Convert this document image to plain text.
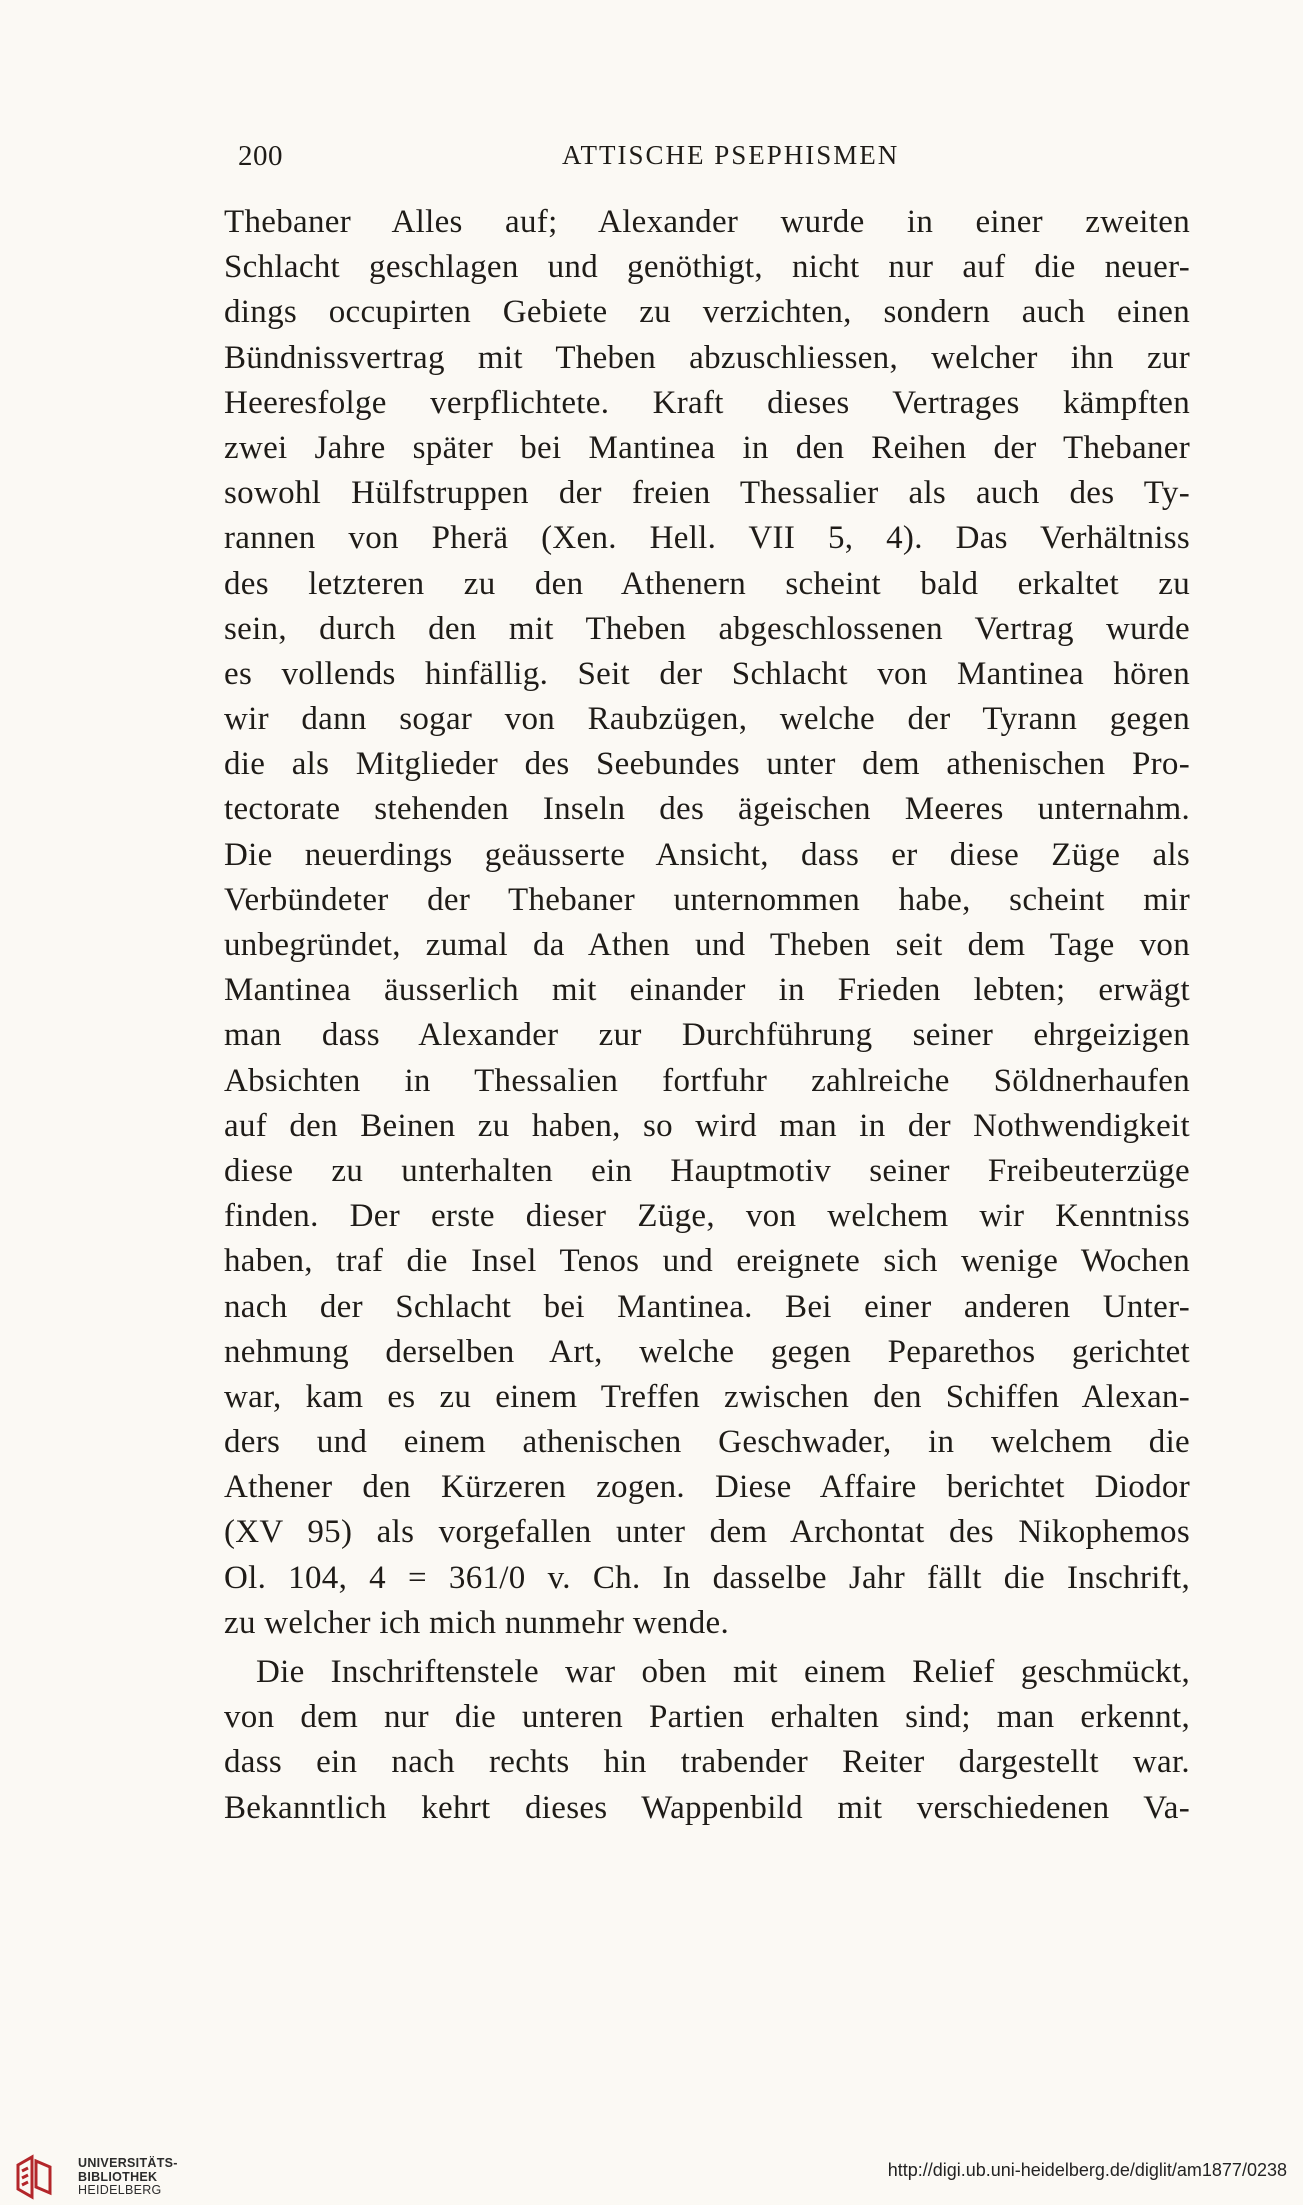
200	ATTISCHE PSEPHISMEN
Thebaner Alles auf; Alexander wurde in einer zweiten
Schlacht geschlagen und genöthigt, nicht nur auf die neuer-
dings occupirten Gebiete zu verzichten, sondern auch einen
Bündnissvertrag mit Theben abzuschliessen, welcher ihn zur
Heeresfolge verpflichtete. Kraft dieses Vertrages kämpften
zwei Jahre später bei Mantinea in den Reihen der Thebaner
sowohl Hülfstruppen der freien Thessalier als auch des Ty-
rannen von Pherä (Xen. Hell. VII 5, 4). Das Verhältniss
des letzteren zu den Athenern scheint bald erkaltet zu
sein, durch den mit Theben abgeschlossenen Vertrag wurde
es vollends hinfällig. Seit der Schlacht von Mantinea hören
wir dann sogar von Raubzügen, welche der Tyrann gegen
die als Mitglieder des Seebundes unter dem athenischen Pro-
tectorate stehenden Inseln des ägeischen Meeres unternahm.
Die neuerdings geäusserte Ansicht, dass er diese Züge als
Verbündeter der Thebaner unternommen habe, scheint mir
unbegründet, zumal da Athen und Theben seit dem Tage von
Mantinea äusserlich mit einander in Frieden lebten; erwägt
man dass Alexander zur Durchführung seiner ehrgeizigen
Absichten in Thessalien fortfuhr zahlreiche Söldnerhaufen
auf den Beinen zu haben, so wird man in der Nothwendigkeit
diese zu unterhalten ein Hauptmotiv seiner Freibeuterzüge
finden. Der erste dieser Züge, von welchem wir Kenntniss
haben, traf die Insel Tenos und ereignete sich wenige Wochen
nach der Schlacht bei Mantinea. Bei einer anderen Unter-
nehmung derselben Art, welche gegen Peparethos gerichtet
war, kam es zu einem Treffen zwischen den Schiffen Alexan-
ders und einem athenischen Geschwader, in welchem die
Athener den Kürzeren zogen. Diese Affaire berichtet Diodor
(XV 95) als vorgefallen unter dem Archontat des Nikophemos
Ol. 104, 4 = 361/0 v. Ch. In dasselbe Jahr fällt die Inschrift,
zu welcher ich mich nunmehr wende.
Die Inschriftenstele war oben mit einem Relief geschmückt,
von dem nur die unteren Partien erhalten sind; man erkennt,
dass ein nach rechts hin trabender Reiter dargestellt war.
Bekanntlich kehrt dieses Wappenbild mit verschiedenen Va-
UNIVERSITÄTS-
BIBLIOTHEK
HEIDELBERG
http://digi.ub.uni-heidelberg.de/diglit/am1877/0238
